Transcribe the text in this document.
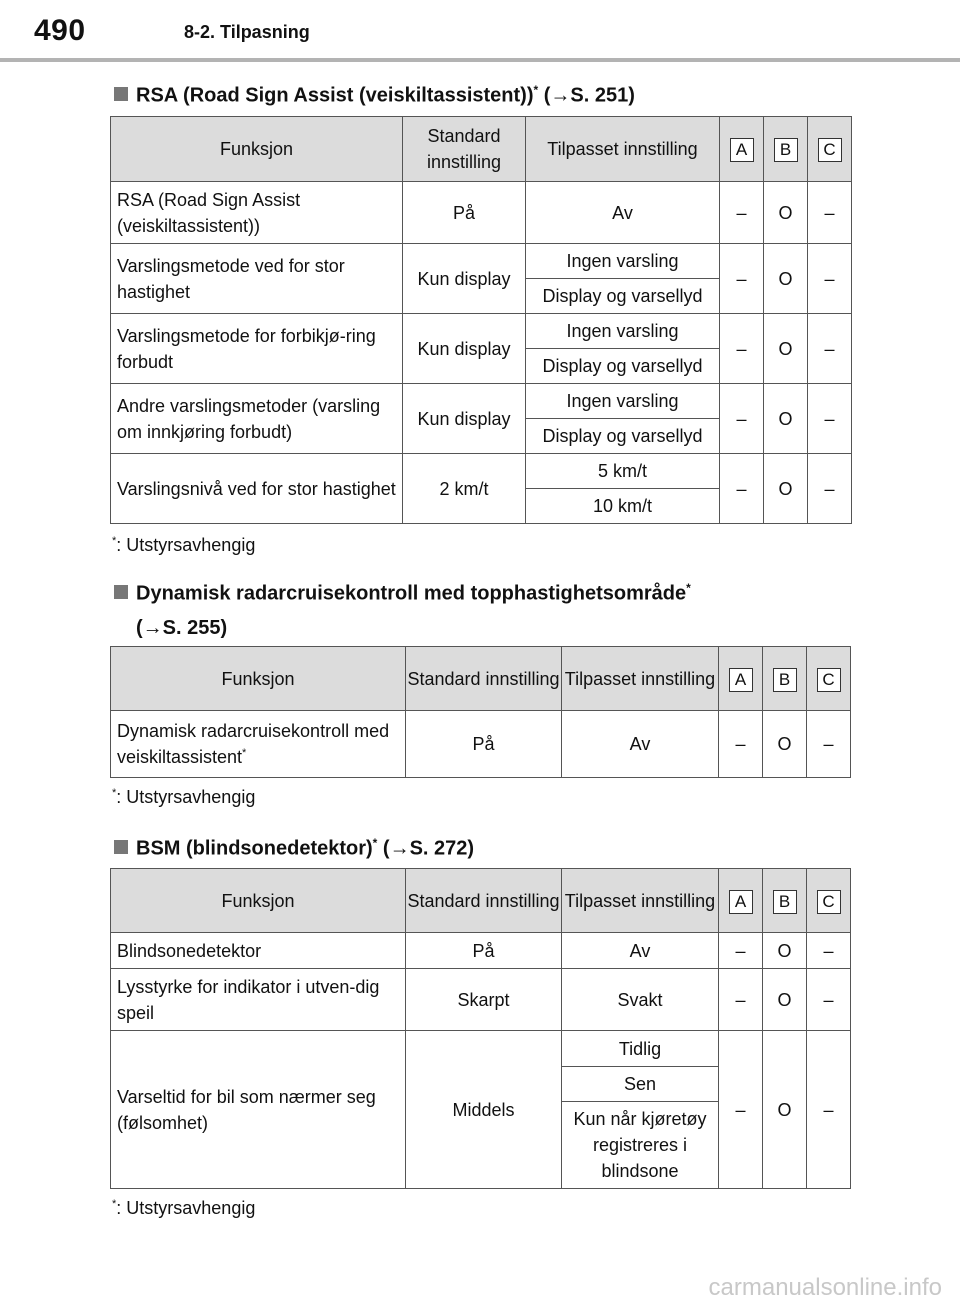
490	8-2. Tilpasning
RSA (Road Sign Assist (veiskiltassistent))* (→S. 251)
Funksjon	Standard innstilling	Tilpasset innstilling	A	B	C
RSA (Road Sign Assist (veiskiltassistent))	På	Av	–	O	–
Varslingsmetode ved for stor hastighet	Kun display	Ingen varsling	–	O	–
		Display og varsellyd			
Varslingsmetode for forbikjø-ring forbudt	Kun display	Ingen varsling	–	O	–
		Display og varsellyd			
Andre varslingsmetoder (varsling om innkjøring forbudt)	Kun display	Ingen varsling	–	O	–
		Display og varsellyd			
Varslingsnivå ved for stor hastighet	2 km/t	5 km/t	–	O	–
		10 km/t			
*: Utstyrsavhengig
Dynamisk radarcruisekontroll med topphastighetsområde*
(→S. 255)
Funksjon	Standard innstilling	Tilpasset innstilling	A	B	C
Dynamisk radarcruisekontroll med veiskiltassistent*	På	Av	–	O	–
*: Utstyrsavhengig
BSM (blindsonedetektor)* (→S. 272)
Funksjon	Standard innstilling	Tilpasset innstilling	A	B	C
Blindsonedetektor	På	Av	–	O	–
Lysstyrke for indikator i utven-dig speil	Skarpt	Svakt	–	O	–
Varseltid for bil som nærmer seg (følsomhet)	Middels	Tidlig	–	O	–
		Sen			
		Kun når kjøretøy registreres i blindsone			
*: Utstyrsavhengig
carmanualsonline.info
